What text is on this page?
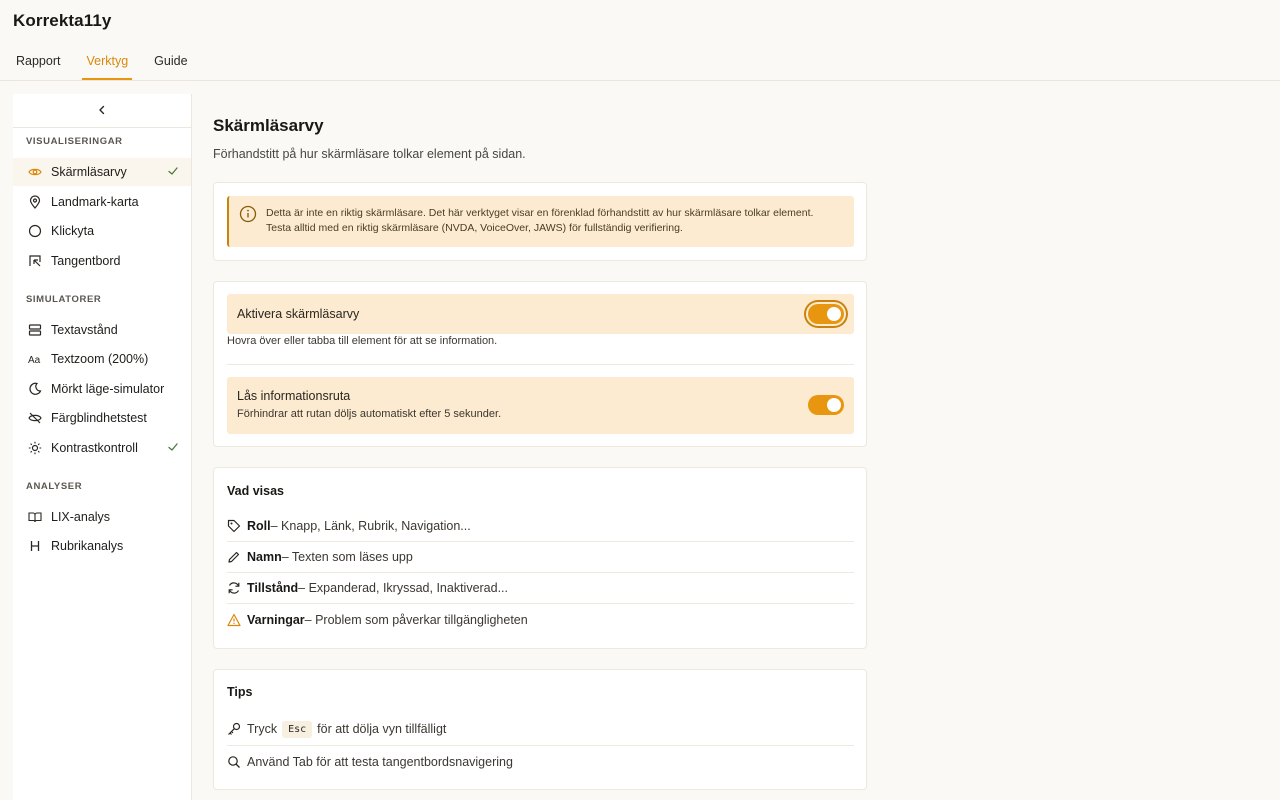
Korrekta11y
Rapport Verktyg Guide
VISUALISERINGAR
Skärmläsarvy
Landmark-karta
Klickyta
Tangentbord
SIMULATORER
Textavstånd
Aa Textzoom (200%)
Mörkt läge-simulator
Färgblindhetstest
Kontrastkontroll
ANALYSER
LIX-analys
Rubrikanalys
Skärmläsarvy
Förhandstitt på hur skärmläsare tolkar element på sidan.
Detta är inte en riktig skärmläsare. Det här verktyget visar en förenklad förhandstitt av hur skärmläsare tolkar element. Testa alltid med en riktig skärmläsare (NVDA, VoiceOver, JAWS) för fullständig verifiering.
Aktivera skärmläsarvy
Hovra över eller tabba till element för att se information.
Lås informationsruta
Förhindrar att rutan döljs automatiskt efter 5 sekunder.
Vad visas
Roll – Knapp, Länk, Rubrik, Navigation...
Namn – Texten som läses upp
Tillstånd – Expanderad, Ikryssad, Inaktiverad...
Varningar – Problem som påverkar tillgängligheten
Tips
Tryck	Esc för att dölja vyn tillfälligt
Använd Tab för att testa tangentbordsnavigering
